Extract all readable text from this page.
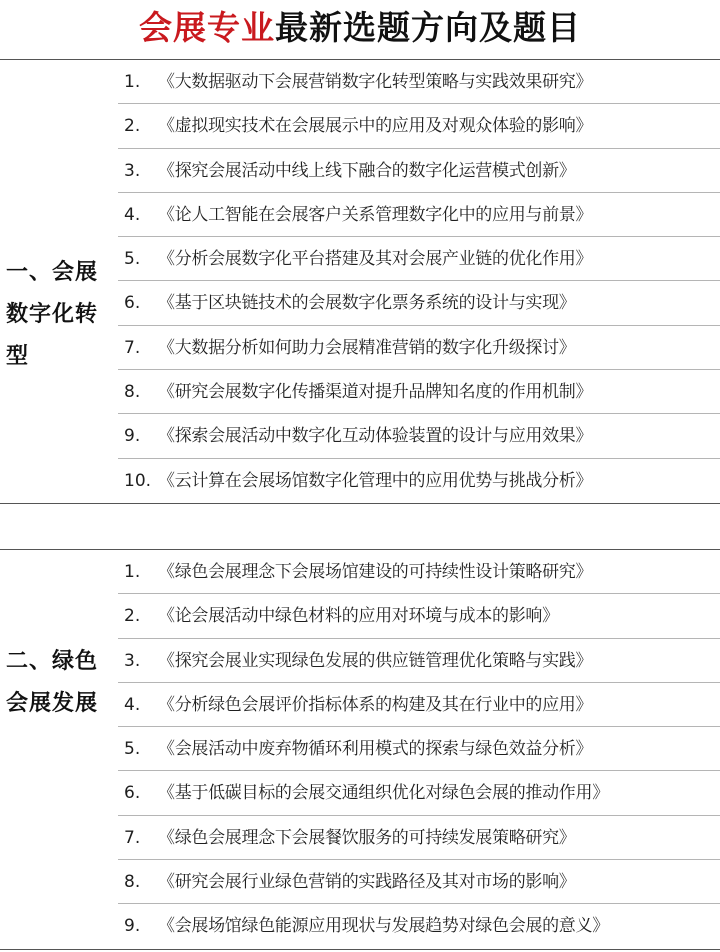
会展专业最新选题方向及题目
一、会展
数字化转
型
1.	《大数据驱动下会展营销数字化转型策略与实践效果研究》
2.	《虚拟现实技术在会展展示中的应用及对观众体验的影响》
3.	《探究会展活动中线上线下融合的数字化运营模式创新》
4.	《论人工智能在会展客户关系管理数字化中的应用与前景》
5.	《分析会展数字化平台搭建及其对会展产业链的优化作用》
6.	《基于区块链技术的会展数字化票务系统的设计与实现》
7.	《大数据分析如何助力会展精准营销的数字化升级探讨》
8.	《研究会展数字化传播渠道对提升品牌知名度的作用机制》
9.	《探索会展活动中数字化互动体验装置的设计与应用效果》
10. 《云计算在会展场馆数字化管理中的应用优势与挑战分析》
二、绿色
会展发展
1.	《绿色会展理念下会展场馆建设的可持续性设计策略研究》
2.	《论会展活动中绿色材料的应用对环境与成本的影响》
3.	《探究会展业实现绿色发展的供应链管理优化策略与实践》
4.	《分析绿色会展评价指标体系的构建及其在行业中的应用》
5.	《会展活动中废弃物循环利用模式的探索与绿色效益分析》
6.	《基于低碳目标的会展交通组织优化对绿色会展的推动作用》
7.	《绿色会展理念下会展餐饮服务的可持续发展策略研究》
8.	《研究会展行业绿色营销的实践路径及其对市场的影响》
9.	《会展场馆绿色能源应用现状与发展趋势对绿色会展的意义》
